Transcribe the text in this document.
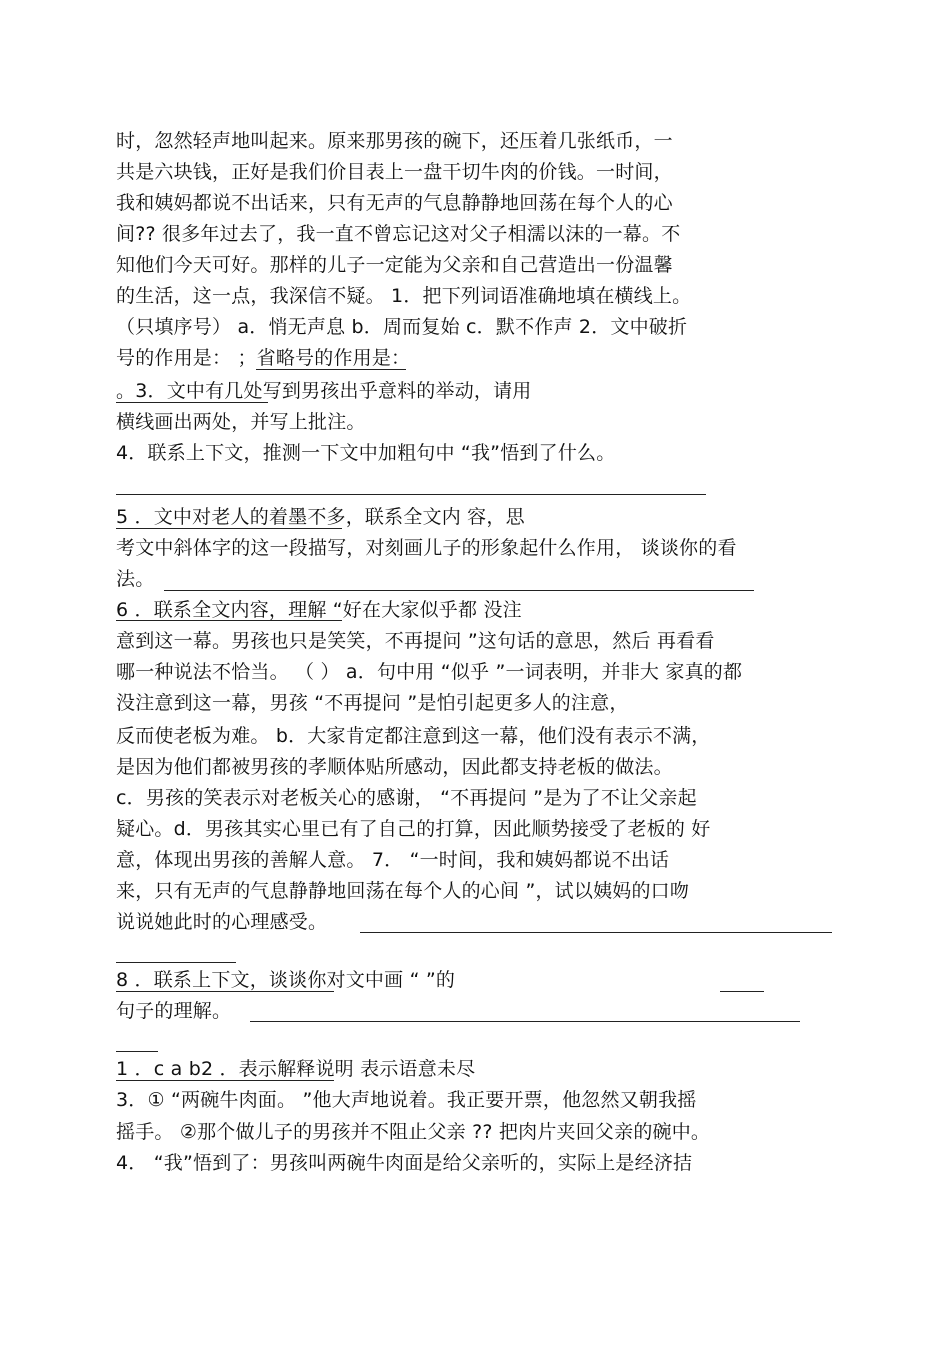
时，忽然轻声地叫起来。原来那男孩的碗下，还压着几张纸币，一
共是六块钱，正好是我们价目表上一盘干切牛肉的价钱。一时间，
我和姨妈都说不出话来，只有无声的气息静静地回荡在每个人的心
间?? 很多年过去了，我一直不曾忘记这对父子相濡以沫的一幕。不
知他们今天可好。那样的儿子一定能为父亲和自己营造出一份温馨
的生活，这一点，我深信不疑。 1．把下列词语准确地填在横线上。
（只填序号） a．悄无声息 b．周而复始 c．默不作声 2．文中破折
号的作用是： ；省略号的作用是：
。3．文中有几处写到男孩出乎意料的举动，请用
横线画出两处，并写上批注。
4．联系上下文，推测一下文中加粗句中 “我”悟到了什么。
5 ．文中对老人的着墨不多，联系全文内 容，思
考文中斜体字的这一段描写，对刻画儿子的形象起什么作用， 谈谈你的看
法。
6 ．联系全文内容，理解 “好在大家似乎都 没注
意到这一幕。男孩也只是笑笑，不再提问 ”这句话的意思，然后 再看看
哪一种说法不恰当。 （ ） a．句中用 “似乎 ”一词表明，并非大 家真的都
没注意到这一幕，男孩 “不再提问 ”是怕引起更多人的注意，
反而使老板为难。 b．大家肯定都注意到这一幕，他们没有表示不满，
是因为他们都被男孩的孝顺体贴所感动，因此都支持老板的做法。
c．男孩的笑表示对老板关心的感谢， “不再提问 ”是为了不让父亲起
疑心。d．男孩其实心里已有了自己的打算，因此顺势接受了老板的 好
意，体现出男孩的善解人意。 7． “一时间，我和姨妈都说不出话
来，只有无声的气息静静地回荡在每个人的心间 ”，试以姨妈的口吻
说说她此时的心理感受。
8 ．联系上下文，谈谈你对文中画 “ ”的
句子的理解。
1 ．c a b2 ．表示解释说明 表示语意未尽
3．① “两碗牛肉面。 ”他大声地说着。我正要开票，他忽然又朝我摇
摇手。 ②那个做儿子的男孩并不阻止父亲 ?? 把肉片夹回父亲的碗中。
4． “我”悟到了：男孩叫两碗牛肉面是给父亲听的，实际上是经济拮
